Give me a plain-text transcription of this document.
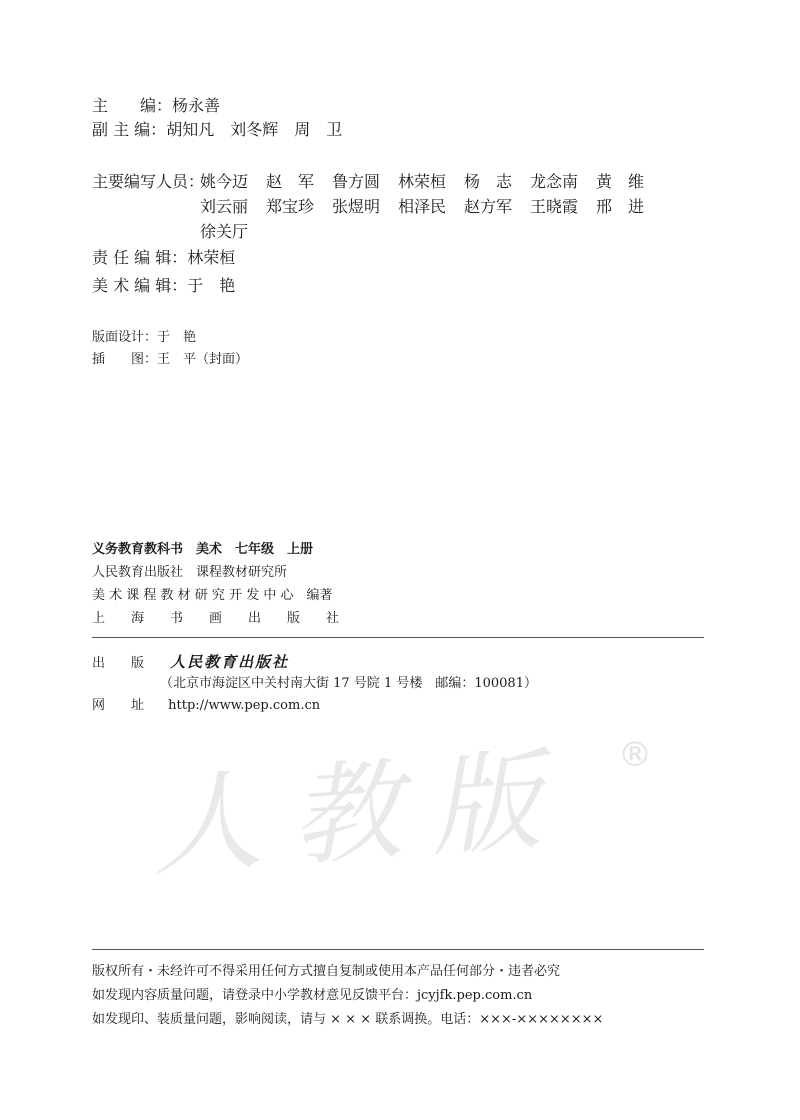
主　　编：杨永善
副 主 编：胡知凡　刘冬辉　周　卫
主要编写人员：
姚今迈	赵　军	鲁方圆	林荣桓	杨　志	龙念南	黄　维
刘云丽	郑宝珍	张煜明	相泽民	赵方军	王晓霞	邢　进
徐关厅
责 任 编 辑：林荣桓
美 术 编 辑：于　艳
版面设计：于　艳
插　　图：王　平（封面）
义务教育教科书　美术　七年级　上册
人民教育出版社　课程教材研究所
美 术 课 程 教 材 研 究 开 发 中 心　编著
上　　海　　书　　画　　出　　版　　社
人教版 ®
出　　版 人民教育出版社
（北京市海淀区中关村南大街 17 号院 1 号楼　邮编：100081）
网　　址 http://www.pep.com.cn
版权所有・未经许可不得采用任何方式擅自复制或使用本产品任何部分・违者必究
如发现内容质量问题，请登录中小学教材意见反馈平台：jcyjfk.pep.com.cn
如发现印、装质量问题，影响阅读，请与 × × × 联系调换。电话：×××-××××××××
